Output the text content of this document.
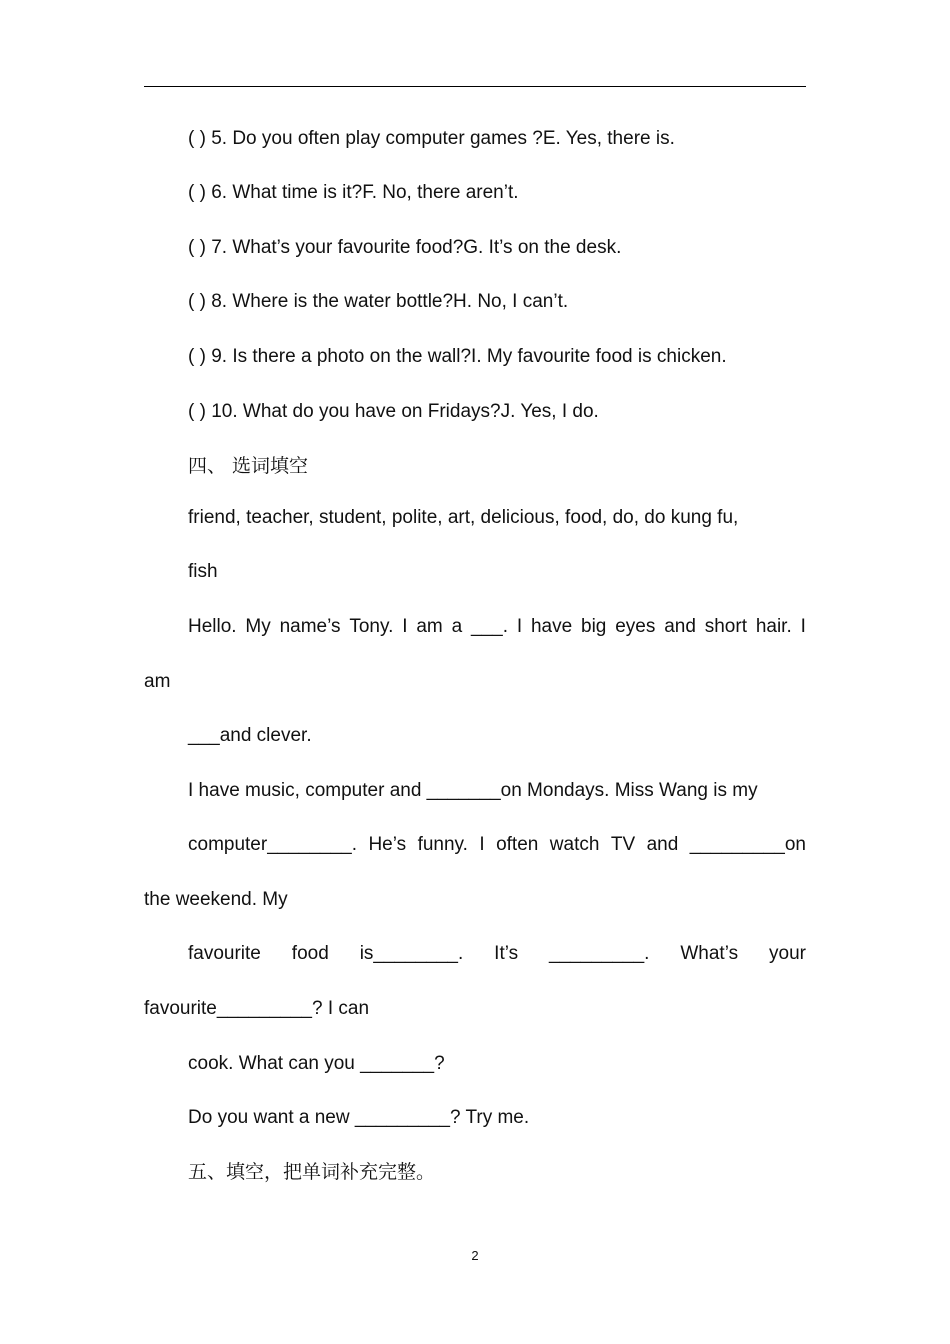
( ) 5. Do you often play computer games ?E. Yes, there is.
( ) 6. What time is it?F. No, there aren’t.
( ) 7. What’s your favourite food?G. It’s on the desk.
( ) 8. Where is the water bottle?H. No, I can’t.
( ) 9. Is there a photo on the wall?I. My favourite food is chicken.
( ) 10. What do you have on Fridays?J. Yes, I do.
四、 选词填空
friend, teacher, student, polite, art, delicious, food, do, do kung fu,
fish
Hello. My name’s Tony. I am a ___. I have big eyes and short hair. I
am
___and clever.
I have music, computer and _______on Mondays. Miss Wang is my
computer________. He’s funny. I often watch TV and _________on
the weekend. My
favourite food is________. It’s _________. What’s your
favourite_________? I can
cook. What can you _______?
Do you want a new _________? Try me.
五、填空，把单词补充完整。
2
